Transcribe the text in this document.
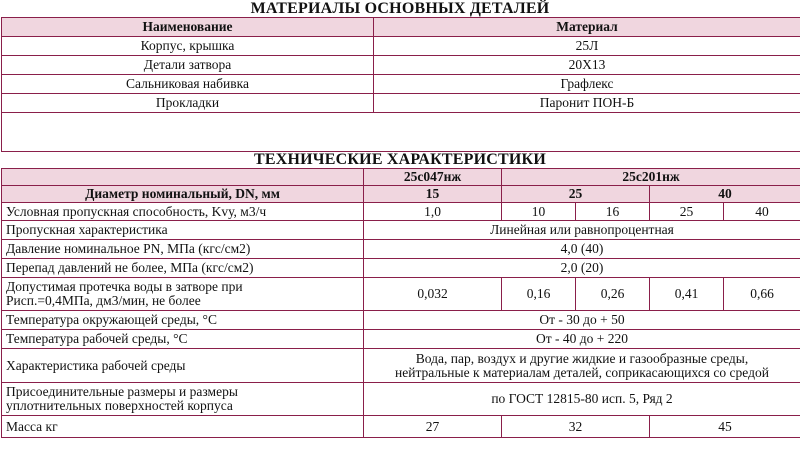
МАТЕРИАЛЫ ОСНОВНЫХ ДЕТАЛЕЙ
Наименование	Материал
Корпус, крышка	25Л
Детали затвора	20Х13
Сальниковая набивка	Графлекс
Прокладки	Паронит ПОН-Б

ТЕХНИЧЕСКИЕ ХАРАКТЕРИСТИКИ
	25с047нж	25с201нж			
Диаметр номинальный, DN, мм	15	25		40	
Условная пропускная способность, Kvу, м3/ч	1,0	10	16	25	40
Пропускная характеристика	Линейная или равнопроцентная				
Давление номинальное PN, МПа (кгс/см2)	4,0 (40)				
Перепад давлений не более, МПа (кгс/см2)	2,0 (20)				

Допустимая протечка воды в затворе при
Рисп.=0,4МПа, дм3/мин, не более	0,032	0,16	0,26	0,41	0,66
Температура окружающей среды, °С	От - 30 до + 50				
Температура рабочей среды, °С	От - 40 до + 220				
Характеристика рабочей среды	Вода, пар, воздух и другие жидкие и газообразные среды,
нейтральные к материалам деталей, соприкасающихся со средой				

Присоединительные размеры и размеры
уплотнительных поверхностей корпуса	по ГОСТ 12815-80 исп. 5, Ряд 2				
Масса кг	27	32		45	
